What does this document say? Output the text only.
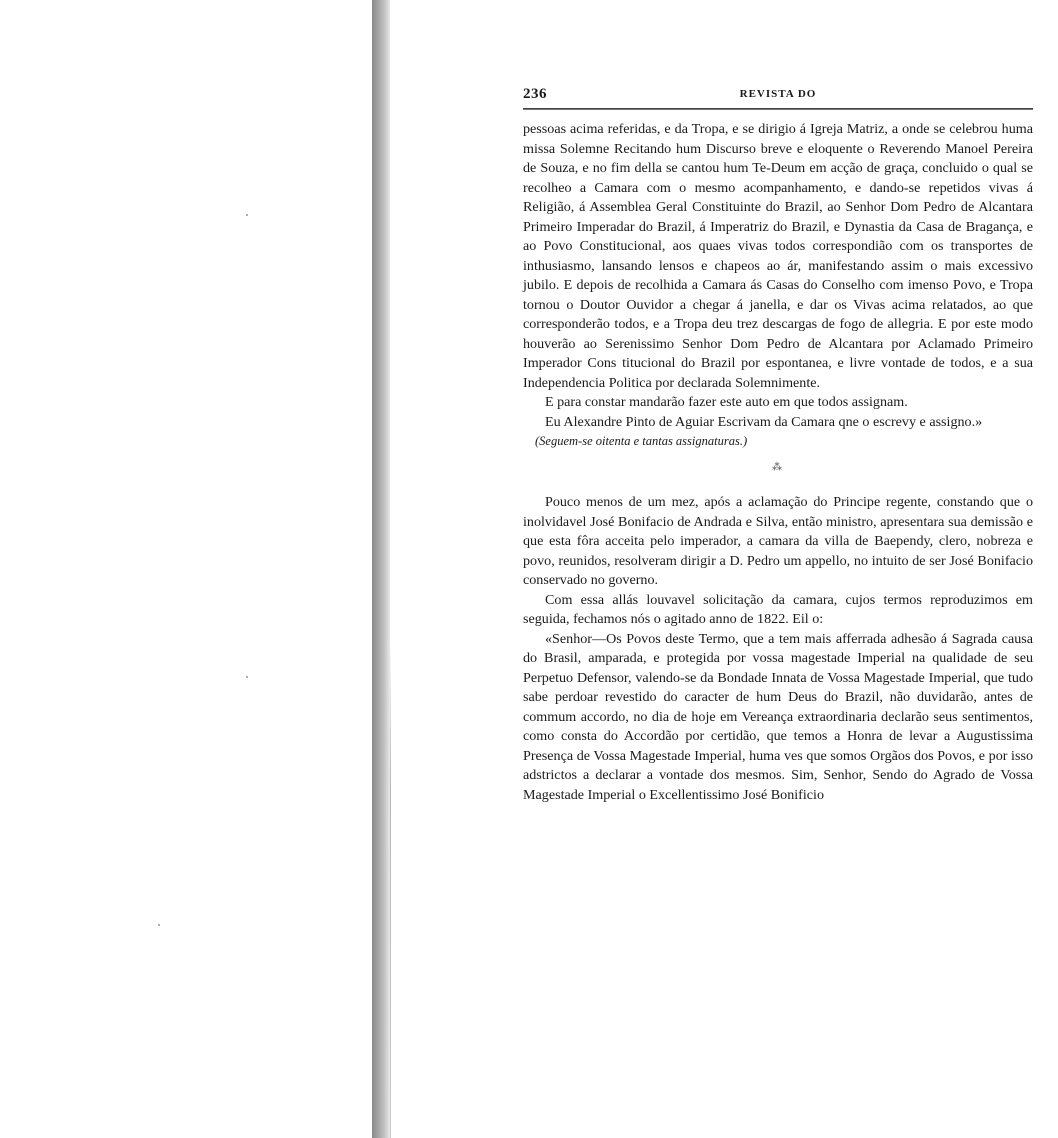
236	REVISTA DO

pessoas acima referidas, e da Tropa, e se dirigio á Igreja Matriz, a onde se celebrou huma missa Solemne Recitando hum Discurso breve e eloquente o Reverendo Manoel Pereira de Souza, e no fim della se cantou hum Te-Deum em acção de graça, concluido o qual se recolheo a Camara com o mesmo acompanhamento, e dando-se repetidos vivas á Religião, á Assemblea Geral Constituinte do Brazil, ao Senhor Dom Pedro de Alcantara Primeiro Imperadar do Brazil, á Imperatriz do Brazil, e Dynastia da Casa de Bragança, e ao Povo Constitucional, aos quaes vivas todos correspondião com os transportes de inthusiasmo, lansando lensos e chapeos ao ár, manifestando assim o mais excessivo jubilo. E depois de recolhida a Camara ás Casas do Conselho com imenso Povo, e Tropa tornou o Doutor Ouvidor a chegar á janella, e dar os Vivas acima relatados, ao que corresponderão todos, e a Tropa deu trez descargas de fogo de allegria. E por este modo houverão ao Serenissimo Senhor Dom Pedro de Alcantara por Aclamado Primeiro Imperador Cons titucional do Brazil por espontanea, e livre vontade de todos, e a sua Independencia Politica por declarada Solemnimente.

E para constar mandarão fazer este auto em que todos assignam.

Eu Alexandre Pinto de Aguiar Escrivam da Camara qne o escrevy e assigno.»

(Seguem-se oitenta e tantas assignaturas.)

⁂

Pouco menos de um mez, após a aclamação do Principe regente, constando que o inolvidavel José Bonifacio de Andrada e Silva, então ministro, apresentara sua demissão e que esta fôra acceita pelo imperador, a camara da villa de Baependy, clero, nobreza e povo, reunidos, resolveram dirigir a D. Pedro um appello, no intuito de ser José Bonifacio conservado no governo.

Com essa allás louvavel solicitação da camara, cujos termos reproduzimos em seguida, fechamos nós o agitado anno de 1822. Eil o:

«Senhor—Os Povos deste Termo, que a tem mais afferrada adhesão á Sagrada causa do Brasil, amparada, e protegida por vossa magestade Imperial na qualidade de seu Perpetuo Defensor, valendo-se da Bondade Innata de Vossa Magestade Imperial, que tudo sabe perdoar revestido do caracter de hum Deus do Brazil, não duvidarão, antes de commum accordo, no dia de hoje em Vereança extraordinaria declarão seus sentimentos, como consta do Accordão por certidão, que temos a Honra de levar a Augustissima Presença de Vossa Magestade Imperial, huma ves que somos Orgãos dos Povos, e por isso adstrictos a declarar a vontade dos mesmos. Sim, Senhor, Sendo do Agrado de Vossa Magestade Imperial o Excellentissimo José Bonificio
